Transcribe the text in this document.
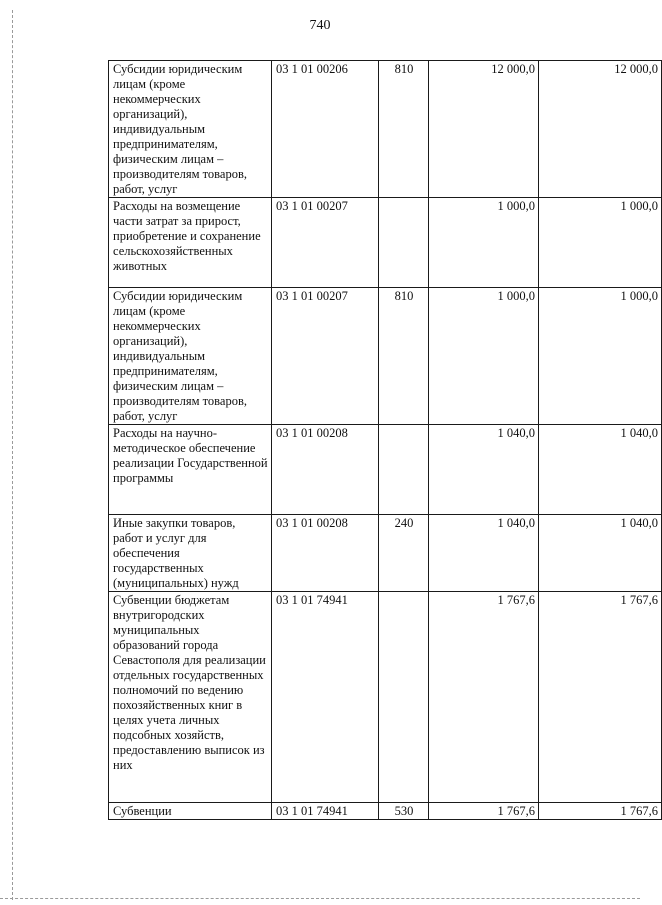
740
Субсидии юридическим лицам (кроме некоммерческих организаций), индивидуальным предпринимателям, физическим лицам – производителям товаров, работ, услуг	03 1 01 00206	810	12 000,0	12 000,0
Расходы на возмещение части затрат за прирост, приобретение и сохранение сельскохозяйственных животных	03 1 01 00207		1 000,0	1 000,0
Субсидии юридическим лицам (кроме некоммерческих организаций), индивидуальным предпринимателям, физическим лицам – производителям товаров, работ, услуг	03 1 01 00207	810	1 000,0	1 000,0
Расходы на научно-методическое обеспечение реализации Государственной программы	03 1 01 00208		1 040,0	1 040,0
Иные закупки товаров, работ и услуг для обеспечения государственных (муниципальных) нужд	03 1 01 00208	240	1 040,0	1 040,0
Субвенции бюджетам внутригородских муниципальных образований города Севастополя для реализации отдельных государственных полномочий по ведению похозяйственных книг в целях учета личных подсобных хозяйств, предоставлению выписок из них	03 1 01 74941		1 767,6	1 767,6
Субвенции	03 1 01 74941	530	1 767,6	1 767,6
